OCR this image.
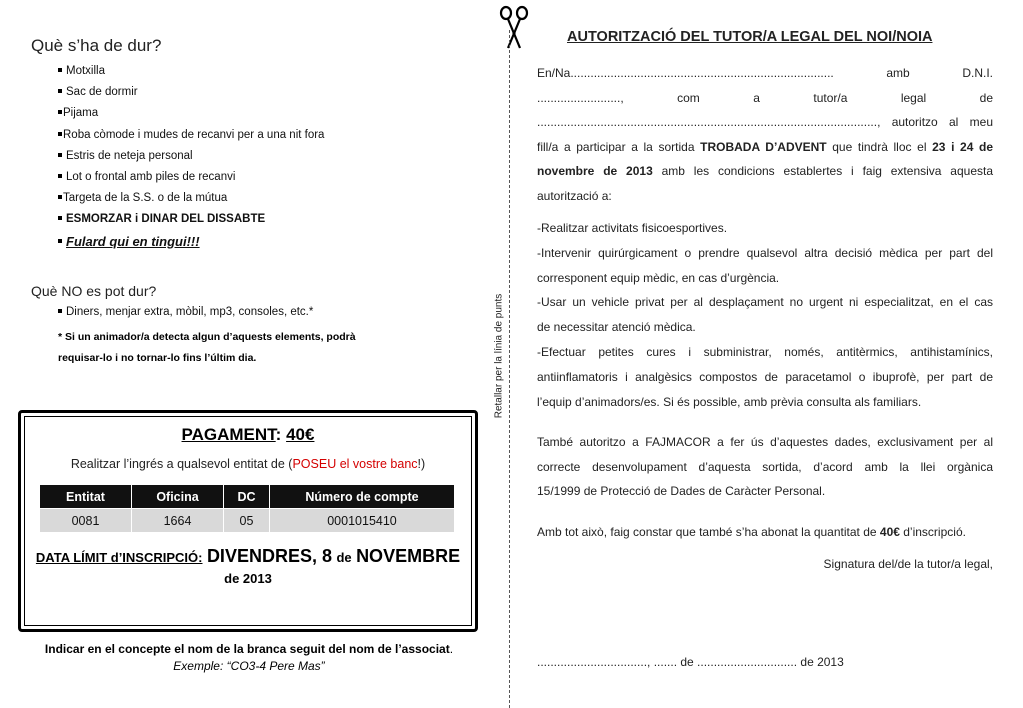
Què s’ha de dur?
Motxilla
Sac de dormir
Pijama
Roba còmode i mudes de recanvi per a una nit fora
Estris de neteja personal
Lot o frontal amb piles de recanvi
Targeta de la S.S. o de la mútua
ESMORZAR i DINAR DEL DISSABTE
Fulard qui en tingui!!!
Què NO es pot dur?
Diners, menjar extra, mòbil, mp3, consoles, etc.*
* Si un animador/a detecta algun d’aquests elements, podrà
requisar-lo i no tornar-lo fins l’últim dia.
PAGAMENT: 40€
Realitzar l’ingrés a qualsevol entitat de (POSEU el vostre banc!)
Entitat	Oficina	DC	Número de compte
0081	1664	05	0001015410
DATA LÍMIT d’INSCRIPCIÓ: DIVENDRES, 8 de NOVEMBRE
de 2013
Indicar en el concepte el nom de la branca seguit del nom de l’associat.
Exemple: “CO3-4 Pere Mas”
Retallar per la línia de punts
AUTORITZACIÓ DEL TUTOR/A LEGAL DEL NOI/NOIA
En/Na............................................................................... amb D.N.I.
........................., com a tutor/a legal de
......................................................................................................, autoritzo al meu
fill/a a participar a la sortida TROBADA D’ADVENT que tindrà lloc el 23 i 24 de
novembre de 2013 amb les condicions establertes i faig extensiva aquesta
autorització a:
-Realitzar activitats fisicoesportives.
-Intervenir quirúrgicament o prendre qualsevol altra decisió mèdica per part del
corresponent equip mèdic, en cas d’urgència.
-Usar un vehicle privat per al desplaçament no urgent ni especialitzat, en el cas
de necessitar atenció mèdica.
-Efectuar petites cures i subministrar, només, antitèrmics, antihistamínics,
antiinflamatoris i analgèsics compostos de paracetamol o ibuprofè, per part de
l’equip d’animadors/es. Si és possible, amb prèvia consulta als familiars.
També autoritzo a FAJMACOR a fer ús d’aquestes dades, exclusivament per al
correcte desenvolupament d’aquesta sortida, d’acord amb la llei orgànica
15/1999 de Protecció de Dades de Caràcter Personal.
Amb tot això, faig constar que també s’ha abonat la quantitat de 40€ d’inscripció.
Signatura del/de la tutor/a legal,
................................., ....... de .............................. de 2013
